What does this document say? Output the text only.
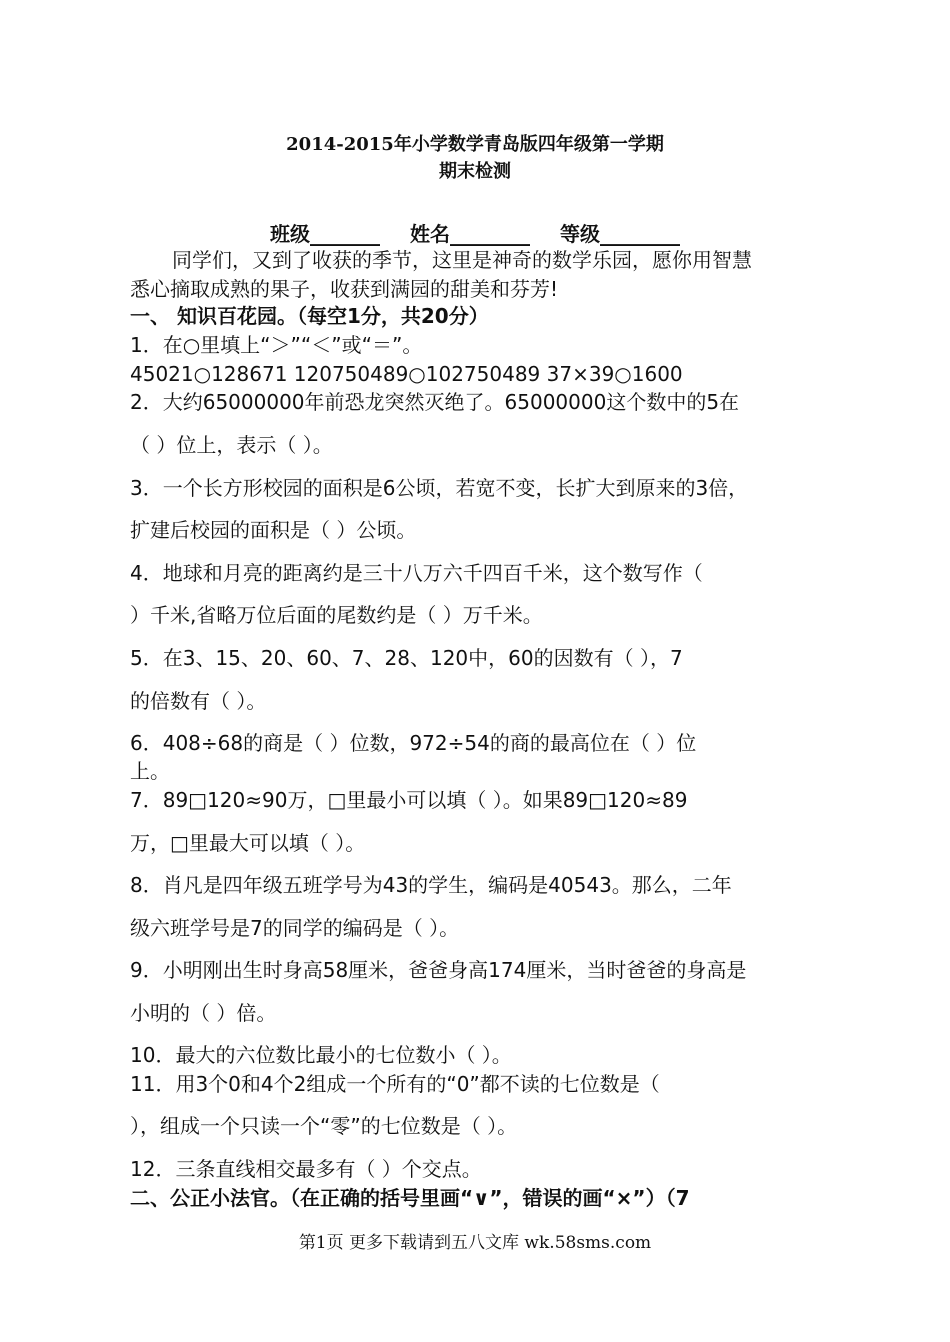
2014-2015年小学数学青岛版四年级第一学期
期末检测
班级_______ 姓名________ 等级________
同学们，又到了收获的季节，这里是神奇的数学乐园，愿你用智慧
悉心摘取成熟的果子，收获到满园的甜美和芬芳!
一、 知识百花园。（每空1分，共20分）
1．在○里填上“＞”“＜”或“＝”。
45021○128671 120750489○102750489 37×39○1600
2．大约65000000年前恐龙突然灭绝了。65000000这个数中的5在
（ ）位上，表示（ ）。
3．一个长方形校园的面积是6公顷，若宽不变，长扩大到原来的3倍，
扩建后校园的面积是（ ）公顷。
4．地球和月亮的距离约是三十八万六千四百千米，这个数写作（
）千米,省略万位后面的尾数约是（ ）万千米。
5．在3、15、20、60、7、28、120中，60的因数有（ ），7
的倍数有（ ）。
6．408÷68的商是（ ）位数，972÷54的商的最高位在（ ）位
上。
7．89□120≈90万，□里最小可以填（ ）。如果89□120≈89
万，□里最大可以填（ ）。
8．肖凡是四年级五班学号为43的学生，编码是40543。那么，二年
级六班学号是7的同学的编码是（ ）。
9．小明刚出生时身高58厘米，爸爸身高174厘米，当时爸爸的身高是
小明的（ ）倍。
10．最大的六位数比最小的七位数小（ ）。
11．用3个0和4个2组成一个所有的“0”都不读的七位数是（
），组成一个只读一个“零”的七位数是（ ）。
12．三条直线相交最多有（ ）个交点。
二、公正小法官。（在正确的括号里画“∨”，错误的画“×”）（7
第1页 更多下载请到五八文库 wk.58sms.com
